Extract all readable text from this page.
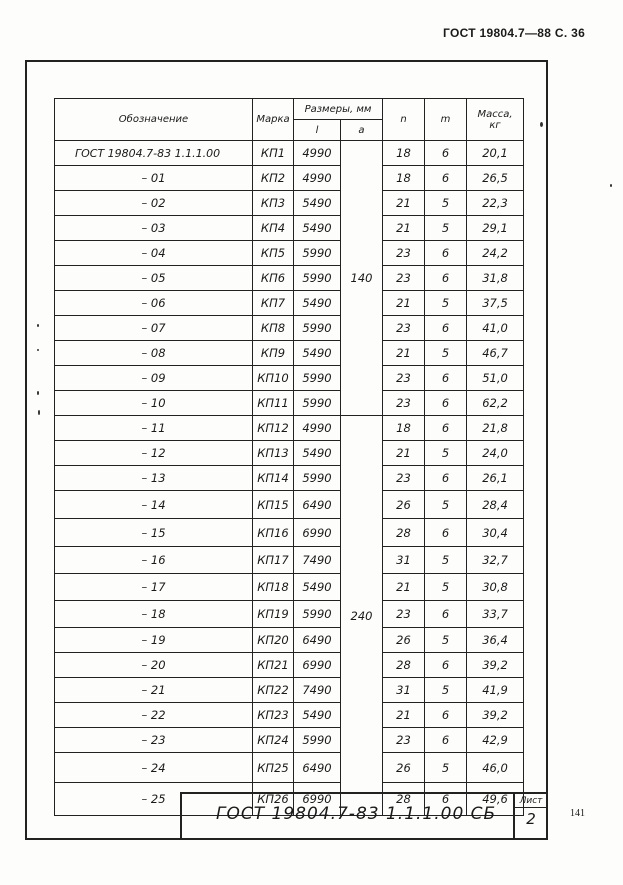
ГОСТ 19804.7—88 С. 36
Обозначение	Марка	Размеры, мм		n	m	Масса,
кг

		l	a			
ГОСТ 19804.7-83 1.1.1.00	КП1	4990	140	18	6	20,1
– 01	КП2	4990		18	6	26,5
– 02	КП3	5490		21	5	22,3
– 03	КП4	5490		21	5	29,1
– 04	КП5	5990		23	6	24,2
– 05	КП6	5990		23	6	31,8
– 06	КП7	5490		21	5	37,5
– 07	КП8	5990		23	6	41,0
– 08	КП9	5490		21	5	46,7
– 09	КП10	5990		23	6	51,0
– 10	КП11	5990		23	6	62,2
– 11	КП12	4990	240	18	6	21,8
– 12	КП13	5490		21	5	24,0
– 13	КП14	5990		23	6	26,1
– 14	КП15	6490		26	5	28,4
– 15	КП16	6990		28	6	30,4
– 16	КП17	7490		31	5	32,7
– 17	КП18	5490		21	5	30,8
– 18	КП19	5990		23	6	33,7
– 19	КП20	6490		26	5	36,4
– 20	КП21	6990		28	6	39,2
– 21	КП22	7490		31	5	41,9
– 22	КП23	5490		21	6	39,2
– 23	КП24	5990		23	6	42,9
– 24	КП25	6490		26	5	46,0
– 25	КП26	6990		28	6	49,6
ГОСТ 19804.7-83 1.1.1.00 СБ
Лист
2	141
